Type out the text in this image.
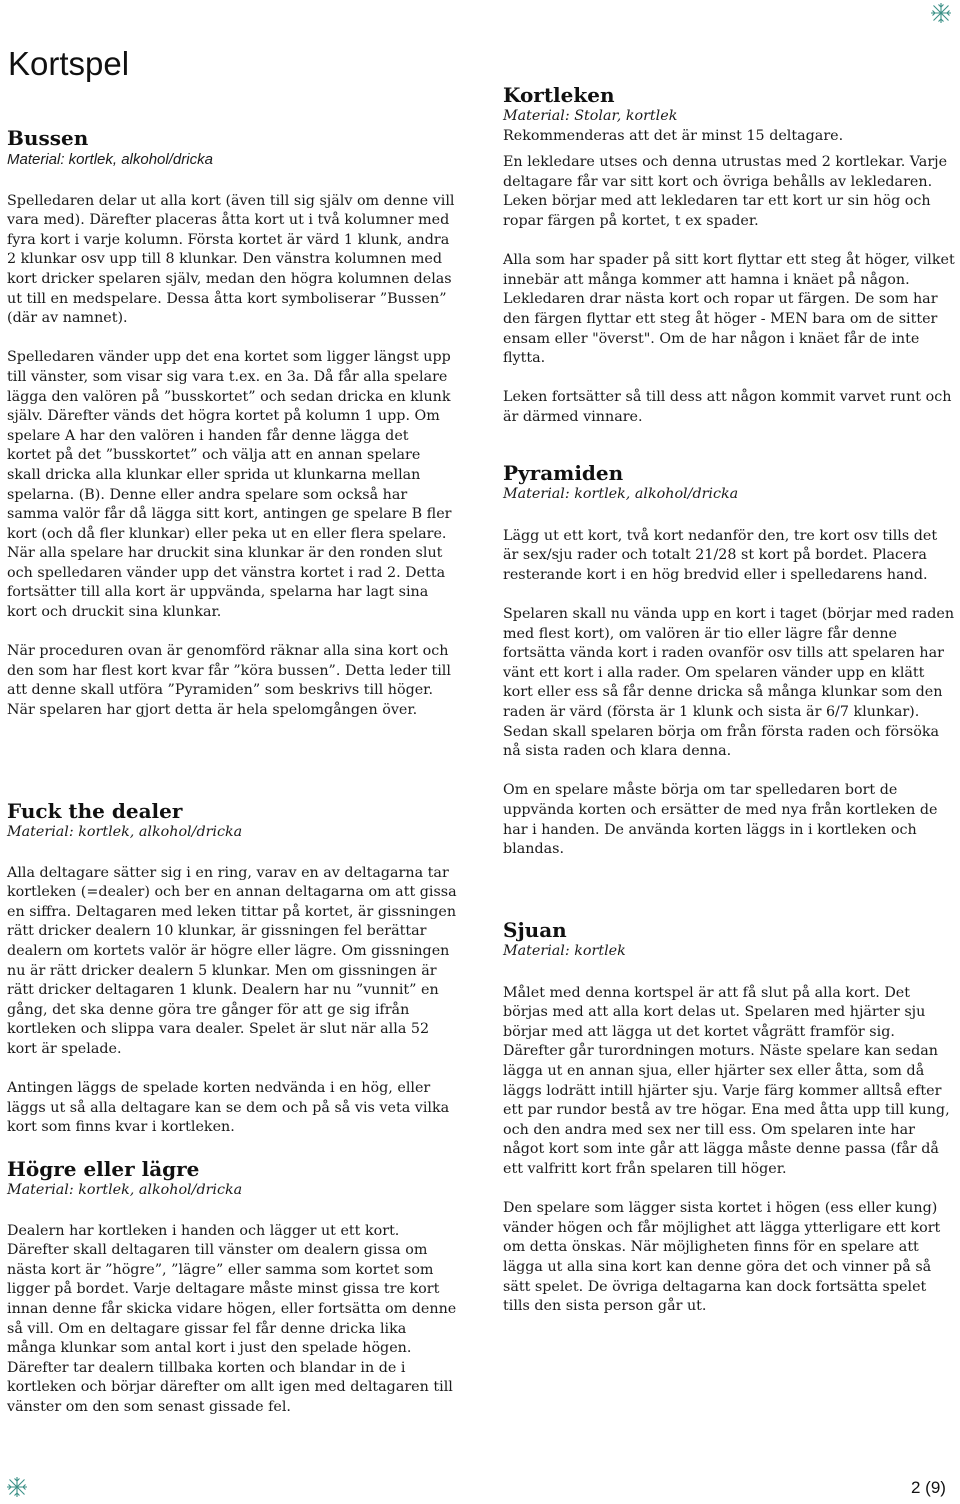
Kortspel
Bussen

Material: kortlek, alkohol/dricka

Spelledaren delar ut alla kort (även till sig själv om denne vill vara med). Därefter placeras åtta kort ut i två kolumner med fyra kort i varje kolumn. Första kortet är värd 1 klunk, andra 2 klunkar osv upp till 8 klunkar. Den vänstra kolumnen med kort dricker spelaren själv, medan den högra kolumnen delas ut till en medspelare. Dessa åtta kort symboliserar ”Bussen” (där av namnet).

Spelledaren vänder upp det ena kortet som ligger längst upp till vänster, som visar sig vara t.ex. en 3a. Då får alla spelare lägga den valören på ”busskortet” och sedan dricka en klunk själv. Därefter vänds det högra kortet på kolumn 1 upp. Om spelare A har den valören i handen får denne lägga det kortet på det ”busskortet” och välja att en annan spelare skall dricka alla klunkar eller sprida ut klunkarna mellan spelarna. (B). Denne eller andra spelare som också har samma valör får då lägga sitt kort, antingen ge spelare B fler kort (och då fler klunkar) eller peka ut en eller flera spelare. När alla spelare har druckit sina klunkar är den ronden slut och spelledaren vänder upp det vänstra kortet i rad 2. Detta fortsätter till alla kort är uppvända, spelarna har lagt sina kort och druckit sina klunkar.

När proceduren ovan är genomförd räknar alla sina kort och den som har flest kort kvar får ”köra bussen”. Detta leder till att denne skall utföra ”Pyramiden” som beskrivs till höger. När spelaren har gjort detta är hela spelomgången över.

Fuck the dealer

Material: kortlek, alkohol/dricka

Alla deltagare sätter sig i en ring, varav en av deltagarna tar kortleken (=dealer) och ber en annan deltagarna om att gissa en siffra. Deltagaren med leken tittar på kortet, är gissningen rätt dricker dealern 10 klunkar, är gissningen fel berättar dealern om kortets valör är högre eller lägre. Om gissningen nu är rätt dricker dealern 5 klunkar. Men om gissningen är rätt dricker deltagaren 1 klunk. Dealern har nu ”vunnit” en gång, det ska denne göra tre gånger för att ge sig ifrån kortleken och slippa vara dealer. Spelet är slut när alla 52 kort är spelade.

Antingen läggs de spelade korten nedvända i en hög, eller läggs ut så alla deltagare kan se dem och på så vis veta vilka kort som finns kvar i kortleken.

Högre eller lägre

Material: kortlek, alkohol/dricka

Dealern har kortleken i handen och lägger ut ett kort. Därefter skall deltagaren till vänster om dealern gissa om nästa kort är ”högre”, ”lägre” eller samma som kortet som ligger på bordet. Varje deltagare måste minst gissa tre kort innan denne får skicka vidare högen, eller fortsätta om denne så vill. Om en deltagare gissar fel får denne dricka lika många klunkar som antal kort i just den spelade högen. Därefter tar dealern tillbaka korten och blandar in de i kortleken och börjar därefter om allt igen med deltagaren till vänster om den som senast gissade fel.

Kortleken

Material: Stolar, kortlek

Rekommenderas att det är minst 15 deltagare.

En lekledare utses och denna utrustas med 2 kortlekar. Varje deltagare får var sitt kort och övriga behålls av lekledaren. Leken börjar med att lekledaren tar ett kort ur sin hög och ropar färgen på kortet, t ex spader.

Alla som har spader på sitt kort flyttar ett steg åt höger, vilket innebär att många kommer att hamna i knäet på någon. Lekledaren drar nästa kort och ropar ut färgen. De som har den färgen flyttar ett steg åt höger - MEN bara om de sitter ensam eller "överst". Om de har någon i knäet får de inte flytta.

Leken fortsätter så till dess att någon kommit varvet runt och är därmed vinnare.

Pyramiden

Material: kortlek, alkohol/dricka

Lägg ut ett kort, två kort nedanför den, tre kort osv tills det är sex/sju rader och totalt 21/28 st kort på bordet. Placera resterande kort i en hög bredvid eller i spelledarens hand.

Spelaren skall nu vända upp en kort i taget (börjar med raden med flest kort), om valören är tio eller lägre får denne fortsätta vända kort i raden ovanför osv tills att spelaren har vänt ett kort i alla rader. Om spelaren vänder upp en klätt kort eller ess så får denne dricka så många klunkar som den raden är värd (första är 1 klunk och sista är 6/7 klunkar). Sedan skall spelaren börja om från första raden och försöka nå sista raden och klara denna.

Om en spelare måste börja om tar spelledaren bort de uppvända korten och ersätter de med nya från kortleken de har i handen. De använda korten läggs in i kortleken och blandas.

Sjuan

Material: kortlek

Målet med denna kortspel är att få slut på alla kort. Det börjas med att alla kort delas ut. Spelaren med hjärter sju börjar med att lägga ut det kortet vågrätt framför sig. Därefter går turordningen moturs. Näste spelare kan sedan lägga ut en annan sjua, eller hjärter sex eller åtta, som då läggs lodrätt intill hjärter sju. Varje färg kommer alltså efter ett par rundor bestå av tre högar. Ena med åtta upp till kung, och den andra med sex ner till ess. Om spelaren inte har något kort som inte går att lägga måste denne passa (får då ett valfritt kort från spelaren till höger.

Den spelare som lägger sista kortet i högen (ess eller kung) vänder högen och får möjlighet att lägga ytterligare ett kort om detta önskas. När möjligheten finns för en spelare att lägga ut alla sina kort kan denne göra det och vinner på så sätt spelet. De övriga deltagarna kan dock fortsätta spelet tills den sista person går ut.

2 (9)
